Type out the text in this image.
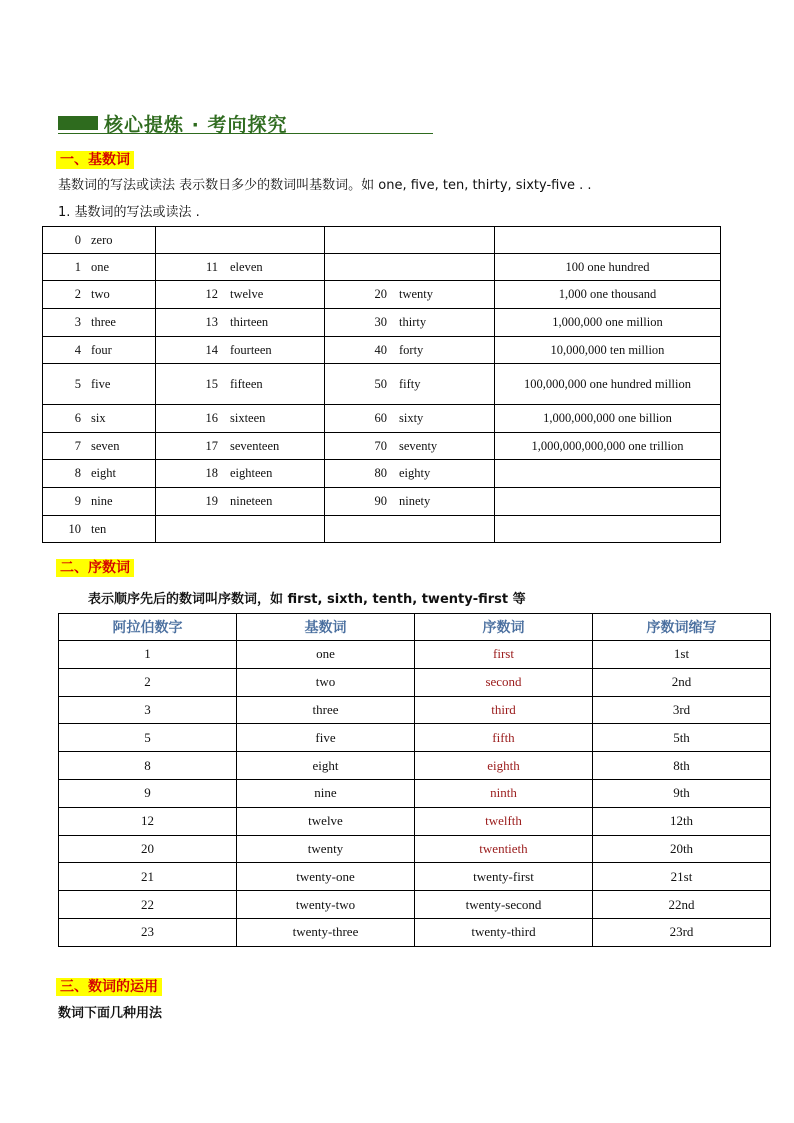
核心提炼 · 考向探究
一、基数词
基数词的写法或读法 表示数日多少的数词叫基数词。如 one, five, ten, thirty, sixty-five . .
1. 基数词的写法或读法 .
0 zero			
1 one	11 eleven		100 one hundred
2 two	12 twelve	20 twenty	1,000 one thousand
3 three	13 thirteen	30 thirty	1,000,000 one million
4 four	14 fourteen	40 forty	10,000,000 ten million
5 five	15 fifteen	50 fifty	100,000,000 one hundred million
6 six	16 sixteen	60 sixty	1,000,000,000 one billion
7 seven	17 seventeen	70 seventy	1,000,000,000,000 one trillion
8 eight	18 eighteen	80 eighty	
9 nine	19 nineteen	90 ninety	
10 ten			
二、序数词
表示顺序先后的数词叫序数词，如 first, sixth, tenth, twenty-first 等
阿拉伯数字	基数词	序数词	序数词缩写
1	one	first	1st
2	two	second	2nd
3	three	third	3rd
5	five	fifth	5th
8	eight	eighth	8th
9	nine	ninth	9th
12	twelve	twelfth	12th
20	twenty	twentieth	20th
21	twenty-one	twenty-first	21st
22	twenty-two	twenty-second	22nd
23	twenty-three	twenty-third	23rd
三、数词的运用
数词下面几种用法
